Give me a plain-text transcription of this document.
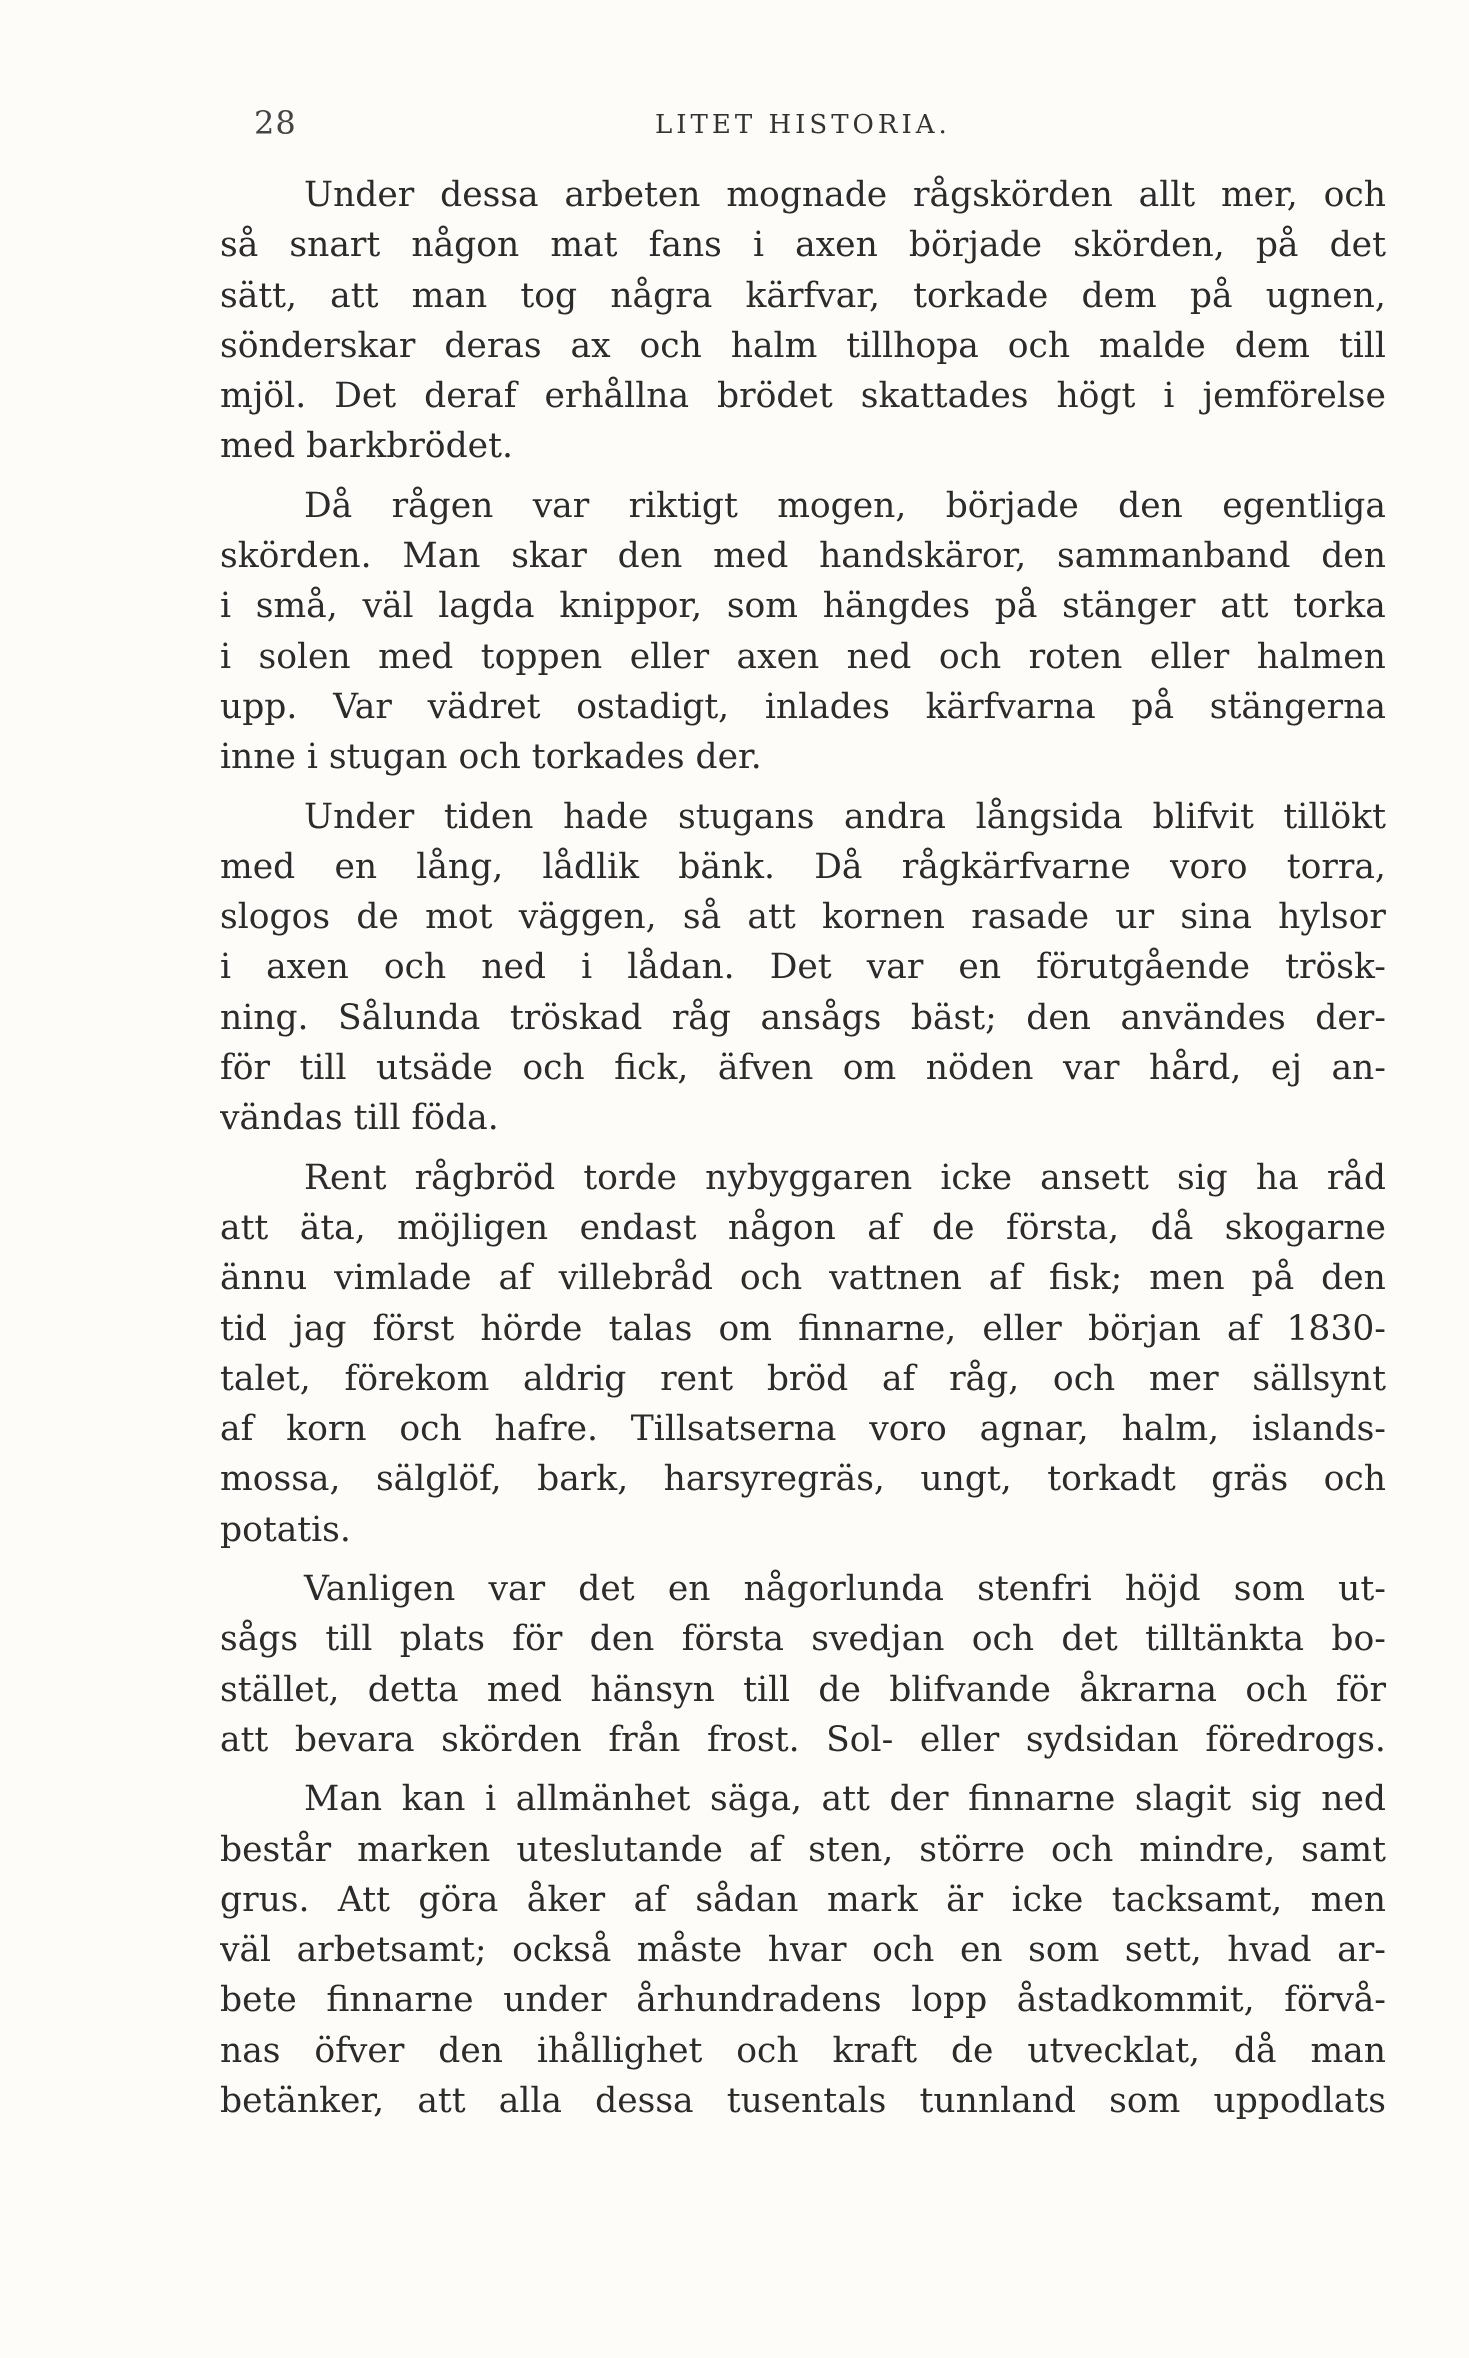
28	LITET HISTORIA.
Under dessa arbeten mognade rågskörden allt mer, och
så snart någon mat fans i axen började skörden, på det
sätt, att man tog några kärfvar, torkade dem på ugnen,
sönderskar deras ax och halm tillhopa och malde dem till
mjöl. Det deraf erhållna brödet skattades högt i jemförelse
med barkbrödet.
Då rågen var riktigt mogen, började den egentliga
skörden. Man skar den med handskäror, sammanband den
i små, väl lagda knippor, som hängdes på stänger att torka
i solen med toppen eller axen ned och roten eller halmen
upp. Var vädret ostadigt, inlades kärfvarna på stängerna
inne i stugan och torkades der.
Under tiden hade stugans andra långsida blifvit tillökt
med en lång, lådlik bänk. Då rågkärfvarne voro torra,
slogos de mot väggen, så att kornen rasade ur sina hylsor
i axen och ned i lådan. Det var en förutgående trösk-
ning. Sålunda tröskad råg ansågs bäst; den användes der-
för till utsäde och fick, äfven om nöden var hård, ej an-
vändas till föda.
Rent rågbröd torde nybyggaren icke ansett sig ha råd
att äta, möjligen endast någon af de första, då skogarne
ännu vimlade af villebråd och vattnen af fisk; men på den
tid jag först hörde talas om finnarne, eller början af 1830-
talet, förekom aldrig rent bröd af råg, och mer sällsynt
af korn och hafre. Tillsatserna voro agnar, halm, islands-
mossa, sälglöf, bark, harsyregräs, ungt, torkadt gräs och
potatis.
Vanligen var det en någorlunda stenfri höjd som ut-
sågs till plats för den första svedjan och det tilltänkta bo-
stället, detta med hänsyn till de blifvande åkrarna och för
att bevara skörden från frost. Sol- eller sydsidan föredrogs.
Man kan i allmänhet säga, att der finnarne slagit sig ned
består marken uteslutande af sten, större och mindre, samt
grus. Att göra åker af sådan mark är icke tacksamt, men
väl arbetsamt; också måste hvar och en som sett, hvad ar-
bete finnarne under århundradens lopp åstadkommit, förvå-
nas öfver den ihållighet och kraft de utvecklat, då man
betänker, att alla dessa tusentals tunnland som uppodlats
